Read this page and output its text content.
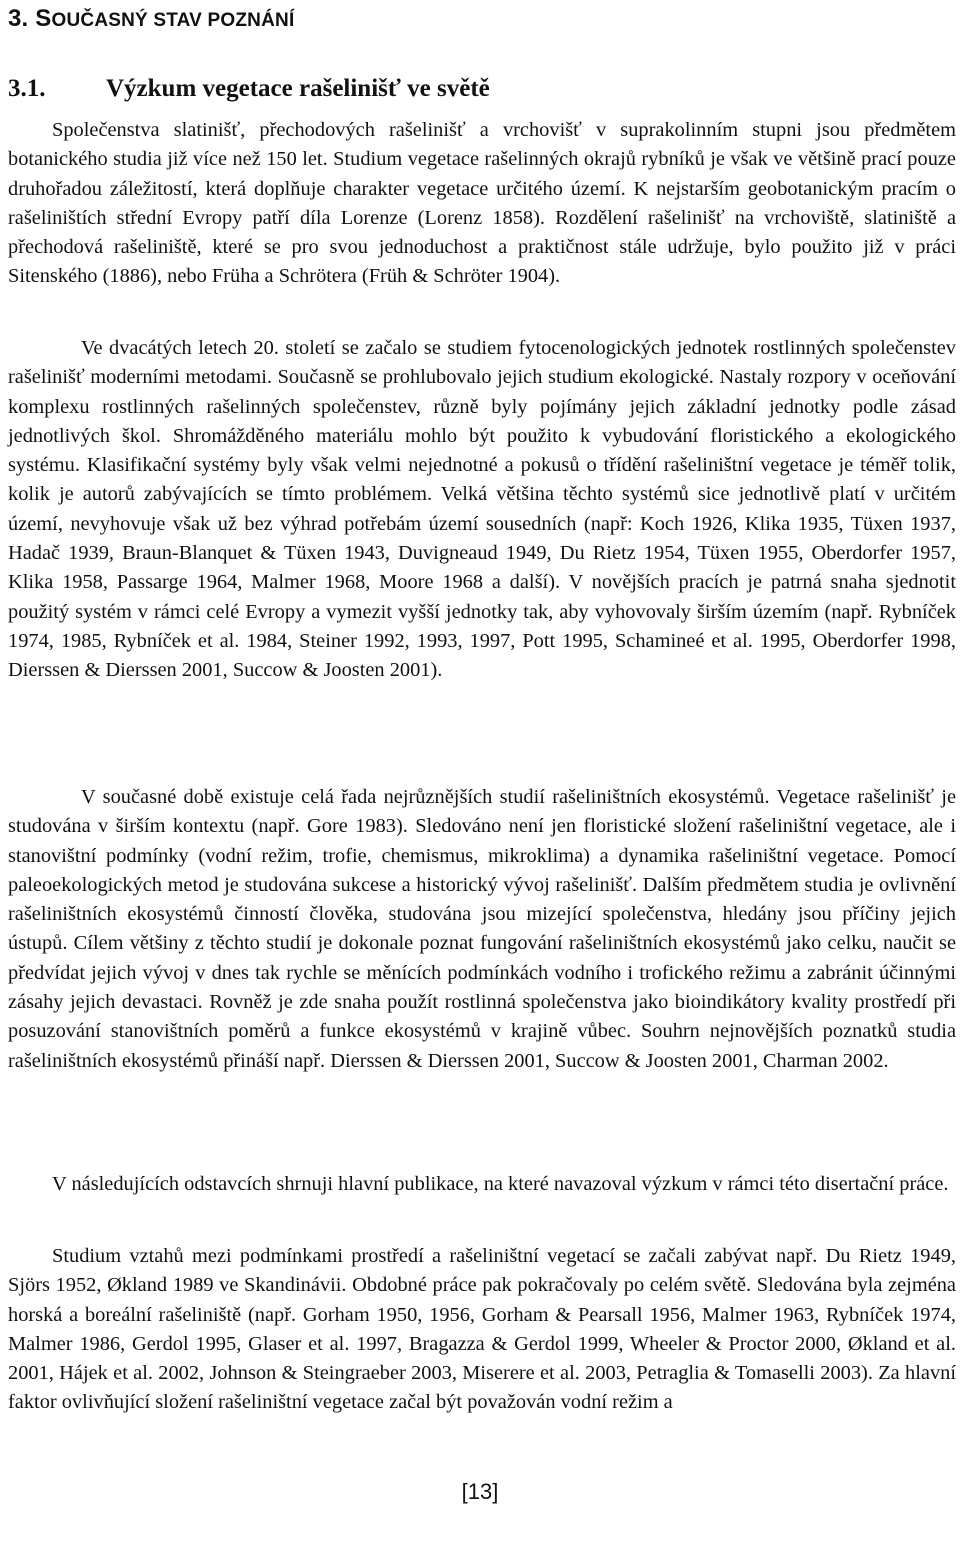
3. SOUČASNÝ STAV POZNÁNÍ
3.1. Výzkum vegetace rašelinišť ve světě

Společenstva slatinišť, přechodových rašelinišť a vrchovišť v suprakolinním stupni jsou předmětem botanického studia již více než 150 let. Studium vegetace rašelinných okrajů rybníků je však ve většině prací pouze druhořadou záležitostí, která doplňuje charakter vegetace určitého území. K nejstarším geobotanickým pracím o rašeliništích střední Evropy patří díla Lorenze (Lorenz 1858). Rozdělení rašelinišť na vrchoviště, slatiniště a přechodová rašeliniště, které se pro svou jednoduchost a praktičnost stále udržuje, bylo použito již v práci Sitenského (1886), nebo Früha a Schrötera (Früh & Schröter 1904).

Ve dvacátých letech 20. století se začalo se studiem fytocenologických jednotek rostlinných společenstev rašelinišť moderními metodami. Současně se prohlubovalo jejich studium ekologické. Nastaly rozpory v oceňování komplexu rostlinných rašelinných společenstev, různě byly pojímány jejich základní jednotky podle zásad jednotlivých škol. Shromážděného materiálu mohlo být použito k vybudování floristického a ekologického systému. Klasifikační systémy byly však velmi nejednotné a pokusů o třídění rašeliništní vegetace je téměř tolik, kolik je autorů zabývajících se tímto problémem. Velká většina těchto systémů sice jednotlivě platí v určitém území, nevyhovuje však už bez výhrad potřebám území sousedních (např: Koch 1926, Klika 1935, Tüxen 1937, Hadač 1939, Braun-Blanquet & Tüxen 1943, Duvigneaud 1949, Du Rietz 1954, Tüxen 1955, Oberdorfer 1957, Klika 1958, Passarge 1964, Malmer 1968, Moore 1968 a další). V novějších pracích je patrná snaha sjednotit použitý systém v rámci celé Evropy a vymezit vyšší jednotky tak, aby vyhovovaly širším územím (např. Rybníček 1974, 1985, Rybníček et al. 1984, Steiner 1992, 1993, 1997, Pott 1995, Schamineé et al. 1995, Oberdorfer 1998, Dierssen & Dierssen 2001, Succow & Joosten 2001).

V současné době existuje celá řada nejrůznějších studií rašeliništních ekosystémů. Vegetace rašelinišť je studována v širším kontextu (např. Gore 1983). Sledováno není jen floristické složení rašeliništní vegetace, ale i stanovištní podmínky (vodní režim, trofie, chemismus, mikroklima) a dynamika rašeliništní vegetace. Pomocí paleoekologických metod je studována sukcese a historický vývoj rašelinišť. Dalším předmětem studia je ovlivnění rašeliništních ekosystémů činností člověka, studována jsou mizející společenstva, hledány jsou příčiny jejich ústupů. Cílem většiny z těchto studií je dokonale poznat fungování rašeliništních ekosystémů jako celku, naučit se předvídat jejich vývoj v dnes tak rychle se měnících podmínkách vodního i trofického režimu a zabránit účinnými zásahy jejich devastaci. Rovněž je zde snaha použít rostlinná společenstva jako bioindikátory kvality prostředí při posuzování stanovištních poměrů a funkce ekosystémů v krajině vůbec. Souhrn nejnovějších poznatků studia rašeliništních ekosystémů přináší např. Dierssen & Dierssen 2001, Succow & Joosten 2001, Charman 2002.

V následujících odstavcích shrnuji hlavní publikace, na které navazoval výzkum v rámci této disertační práce.

Studium vztahů mezi podmínkami prostředí a rašeliništní vegetací se začali zabývat např. Du Rietz 1949, Sjörs 1952, Økland 1989 ve Skandinávii. Obdobné práce pak pokračovaly po celém světě. Sledována byla zejména horská a boreální rašeliniště (např. Gorham 1950, 1956, Gorham & Pearsall 1956, Malmer 1963, Rybníček 1974, Malmer 1986, Gerdol 1995, Glaser et al. 1997, Bragazza & Gerdol 1999, Wheeler & Proctor 2000, Økland et al. 2001, Hájek et al. 2002, Johnson & Steingraeber 2003, Miserere et al. 2003, Petraglia & Tomaselli 2003). Za hlavní faktor ovlivňující složení rašeliništní vegetace začal být považován vodní režim a

[13]
